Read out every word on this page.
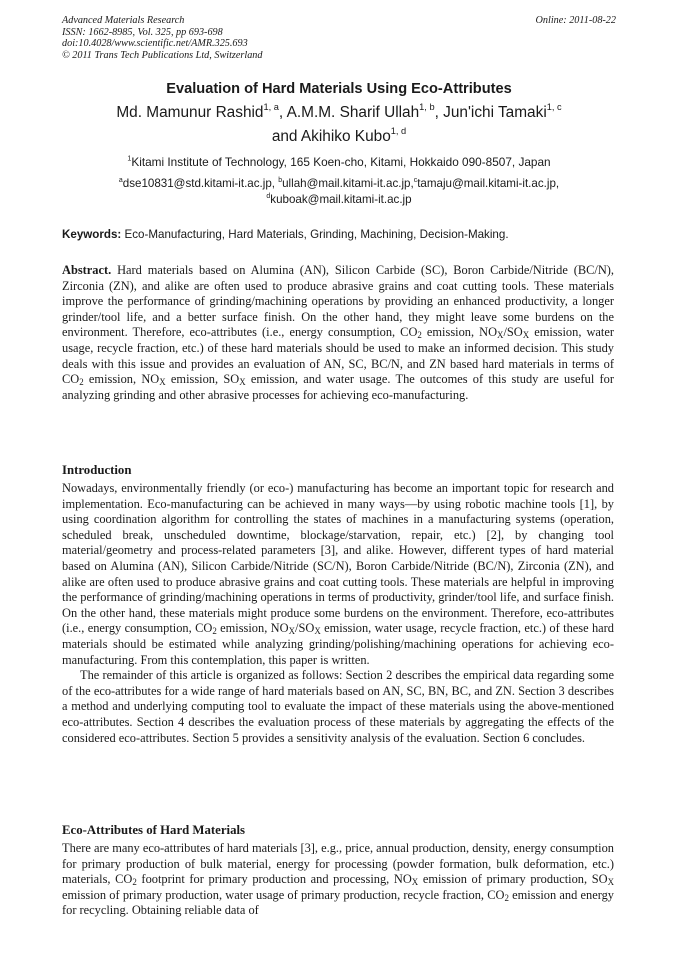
Advanced Materials Research
ISSN: 1662-8985, Vol. 325, pp 693-698
doi:10.4028/www.scientific.net/AMR.325.693
© 2011 Trans Tech Publications Ltd, Switzerland
Online: 2011-08-22
Evaluation of Hard Materials Using Eco-Attributes
Md. Mamunur Rashid$^{1, a}$, A.M.M. Sharif Ullah$^{1, b}$, Jun'ichi Tamaki$^{1, c}$
and Akihiko Kubo$^{1, d}$
$^1$Kitami Institute of Technology, 165 Koen-cho, Kitami, Hokkaido 090-8507, Japan
$^a$dse10831@std.kitami-it.ac.jp, $^b$ullah@mail.kitami-it.ac.jp,$^c$tamaju@mail.kitami-it.ac.jp,
$^d$kuboak@mail.kitami-it.ac.jp
Keywords: Eco-Manufacturing, Hard Materials, Grinding, Machining, Decision-Making.

Abstract. Hard materials based on Alumina (AN), Silicon Carbide (SC), Boron Carbide/Nitride (BC/N), Zirconia (ZN), and alike are often used to produce abrasive grains and coat cutting tools. These materials improve the performance of grinding/machining operations by providing an enhanced productivity, a longer grinder/tool life, and a better surface finish. On the other hand, they might leave some burdens on the environment. Therefore, eco-attributes (i.e., energy consumption, $CO_2$ emission, $NO_X/SO_X$ emission, water usage, recycle fraction, etc.) of these hard materials should be used to make an informed decision. This study deals with this issue and provides an evaluation of AN, SC, BC/N, and ZN based hard materials in terms of $CO_2$ emission, $NO_X$ emission, $SO_X$ emission, and water usage. The outcomes of this study are useful for analyzing grinding and other abrasive processes for achieving eco-manufacturing.

Introduction

Nowadays, environmentally friendly (or eco-) manufacturing has become an important topic for research and implementation. Eco-manufacturing can be achieved in many ways—by using robotic machine tools [1], by using coordination algorithm for controlling the states of machines in a manufacturing systems (operation, scheduled break, unscheduled downtime, blockage/starvation, repair, etc.) [2], by changing tool material/geometry and process-related parameters [3], and alike. However, different types of hard material based on Alumina (AN), Silicon Carbide/Nitride (SC/N), Boron Carbide/Nitride (BC/N), Zirconia (ZN), and alike are often used to produce abrasive grains and coat cutting tools. These materials are helpful in improving the performance of grinding/machining operations in terms of productivity, grinder/tool life, and surface finish. On the other hand, these materials might produce some burdens on the environment. Therefore, eco-attributes (i.e., energy consumption, $CO_2$ emission, $NO_X/SO_X$ emission, water usage, recycle fraction, etc.) of these hard materials should be estimated while analyzing grinding/polishing/machining operations for achieving eco-manufacturing. From this contemplation, this paper is written.

The remainder of this article is organized as follows: Section 2 describes the empirical data regarding some of the eco-attributes for a wide range of hard materials based on AN, SC, BN, BC, and ZN. Section 3 describes a method and underlying computing tool to evaluate the impact of these materials using the above-mentioned eco-attributes. Section 4 describes the evaluation process of these materials by aggregating the effects of the considered eco-attributes. Section 5 provides a sensitivity analysis of the evaluation. Section 6 concludes.

Eco-Attributes of Hard Materials

There are many eco-attributes of hard materials [3], e.g., price, annual production, density, energy consumption for primary production of bulk material, energy for processing (powder formation, bulk deformation, etc.) materials, $CO_2$ footprint for primary production and processing, $NO_X$ emission of primary production, $SO_X$ emission of primary production, water usage of primary production, recycle fraction, $CO_2$ emission and energy for recycling. Obtaining reliable data of
